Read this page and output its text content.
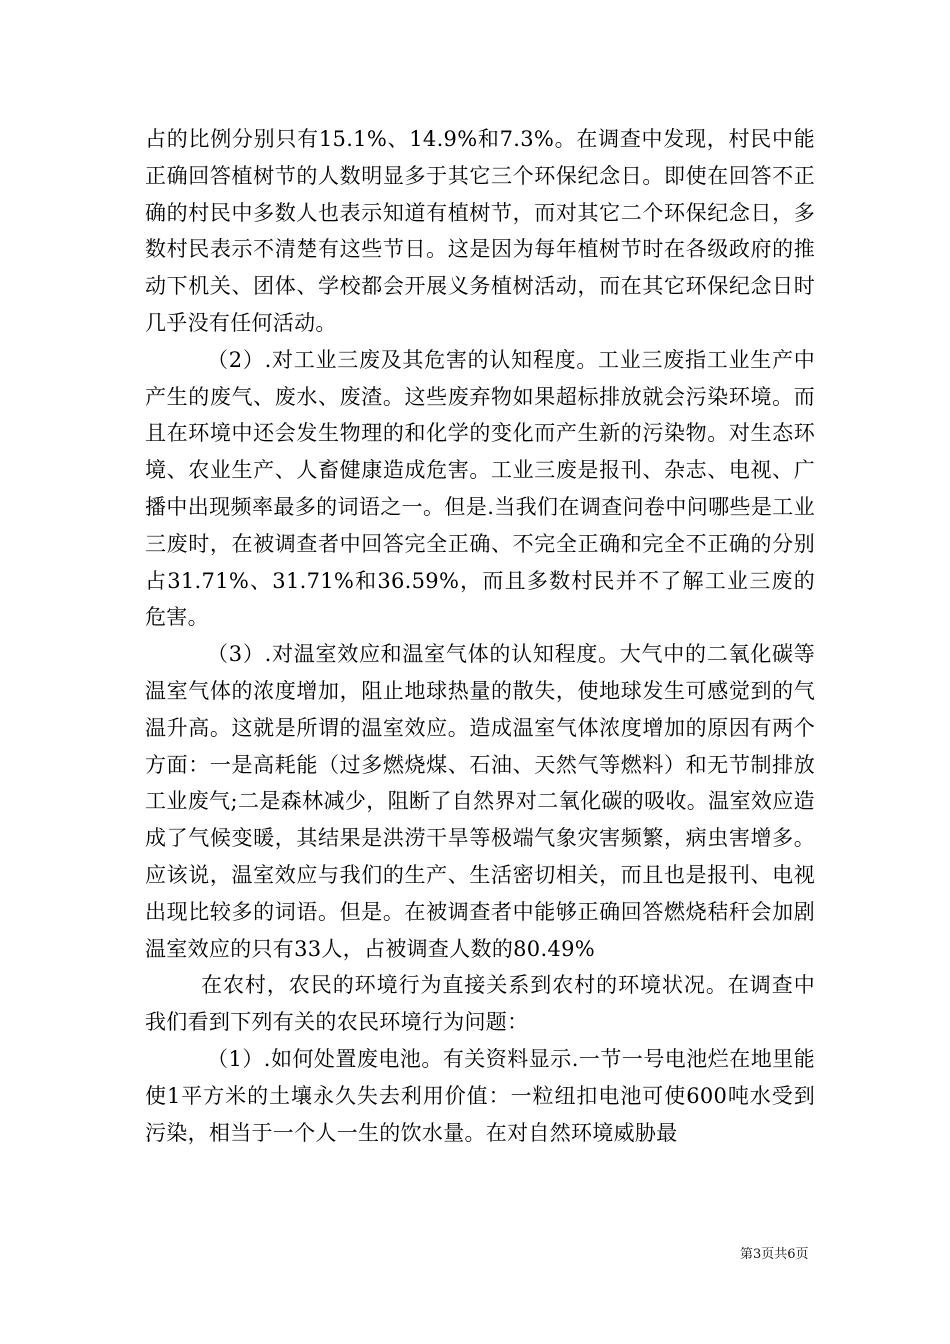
占的比例分别只有15.1%、14.9%和7.3%。在调查中发现，村民中能正确回答植树节的人数明显多于其它三个环保纪念日。即使在回答不正确的村民中多数人也表示知道有植树节，而对其它二个环保纪念日，多数村民表示不清楚有这些节日。这是因为每年植树节时在各级政府的推动下机关、团体、学校都会开展义务植树活动，而在其它环保纪念日时几乎没有任何活动。

（2）.对工业三废及其危害的认知程度。工业三废指工业生产中产生的废气、废水、废渣。这些废弃物如果超标排放就会污染环境。而且在环境中还会发生物理的和化学的变化而产生新的污染物。对生态环境、农业生产、人畜健康造成危害。工业三废是报刊、杂志、电视、广播中出现频率最多的词语之一。但是.当我们在调查问卷中问哪些是工业三废时，在被调查者中回答完全正确、不完全正确和完全不正确的分别占31.71%、31.71%和36.59%，而且多数村民并不了解工业三废的危害。

（3）.对温室效应和温室气体的认知程度。大气中的二氧化碳等温室气体的浓度增加，阻止地球热量的散失，使地球发生可感觉到的气温升高。这就是所谓的温室效应。造成温室气体浓度增加的原因有两个方面：一是高耗能（过多燃烧煤、石油、天然气等燃料）和无节制排放工业废气;二是森林减少，阻断了自然界对二氧化碳的吸收。温室效应造成了气候变暖，其结果是洪涝干旱等极端气象灾害频繁，病虫害增多。应该说，温室效应与我们的生产、生活密切相关，而且也是报刊、电视出现比较多的词语。但是。在被调查者中能够正确回答燃烧秸秆会加剧温室效应的只有33人，占被调查人数的80.49%

在农村，农民的环境行为直接关系到农村的环境状况。在调查中我们看到下列有关的农民环境行为问题：

（1）.如何处置废电池。有关资料显示.一节一号电池烂在地里能使1平方米的土壤永久失去利用价值：一粒纽扣电池可使600吨水受到污染，相当于一个人一生的饮水量。在对自然环境威胁最

第3页共6页
